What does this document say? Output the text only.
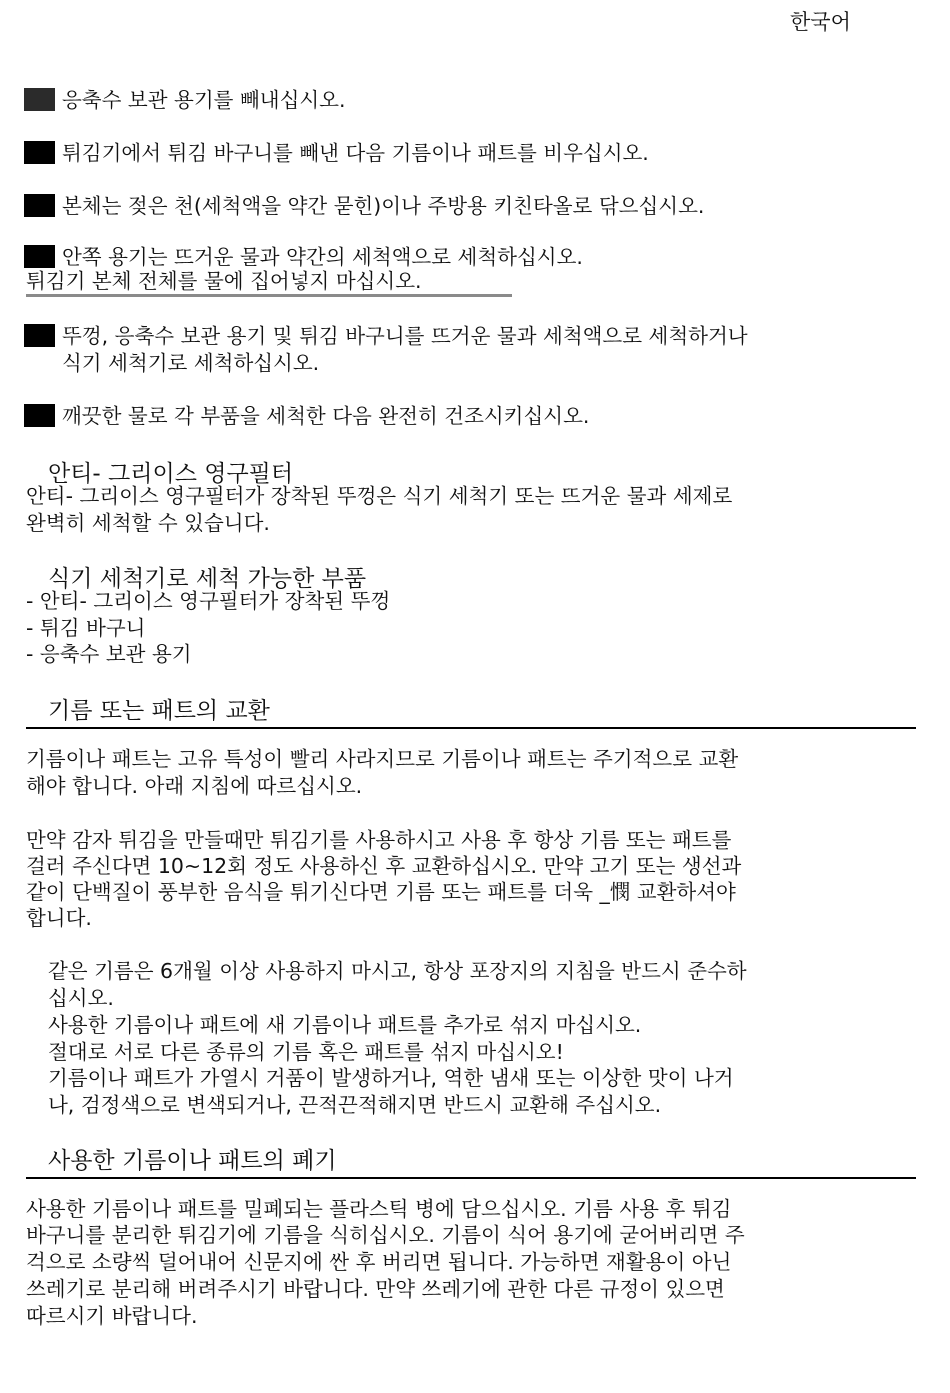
한국어
응축수 보관 용기를 빼내십시오.
튀김기에서 튀김 바구니를 빼낸 다음 기름이나 패트를 비우십시오.
본체는 젖은 천(세척액을 약간 묻힌)이나 주방용 키친타올로 닦으십시오.
안쪽 용기는 뜨거운 물과 약간의 세척액으로 세척하십시오.
튀김기 본체 전체를 물에 집어넣지 마십시오.
뚜껑, 응축수 보관 용기 및 튀김 바구니를 뜨거운 물과 세척액으로 세척하거나
식기 세척기로 세척하십시오.
깨끗한 물로 각 부품을 세척한 다음 완전히 건조시키십시오.
안티- 그리이스 영구필터
안티- 그리이스 영구필터가 장착된 뚜껑은 식기 세척기 또는 뜨거운 물과 세제로
완벽히 세척할 수 있습니다.
식기 세척기로 세척 가능한 부품
- 안티- 그리이스 영구필터가 장착된 뚜껑
- 튀김 바구니
- 응축수 보관 용기
기름 또는 패트의 교환
기름이나 패트는 고유 특성이 빨리 사라지므로 기름이나 패트는 주기적으로 교환
해야 합니다. 아래 지침에 따르십시오.
만약 감자 튀김을 만들때만 튀김기를 사용하시고 사용 후 항상 기름 또는 패트를
걸러 주신다면 10~12회 정도 사용하신 후 교환하십시오. 만약 고기 또는 생선과
같이 단백질이 풍부한 음식을 튀기신다면 기름 또는 패트를 더욱 _憫 교환하셔야
합니다.
같은 기름은 6개월 이상 사용하지 마시고, 항상 포장지의 지침을 반드시 준수하
십시오.
사용한 기름이나 패트에 새 기름이나 패트를 추가로 섞지 마십시오.
절대로 서로 다른 종류의 기름 혹은 패트를 섞지 마십시오!
기름이나 패트가 가열시 거품이 발생하거나, 역한 냄새 또는 이상한 맛이 나거
나, 검정색으로 변색되거나, 끈적끈적해지면 반드시 교환해 주십시오.
사용한 기름이나 패트의 폐기
사용한 기름이나 패트를 밀폐되는 플라스틱 병에 담으십시오. 기름 사용 후 튀김
바구니를 분리한 튀김기에 기름을 식히십시오. 기름이 식어 용기에 굳어버리면 주
걱으로 소량씩 덜어내어 신문지에 싼 후 버리면 됩니다. 가능하면 재활용이 아닌
쓰레기로 분리해 버려주시기 바랍니다. 만약 쓰레기에 관한 다른 규정이 있으면
따르시기 바랍니다.
